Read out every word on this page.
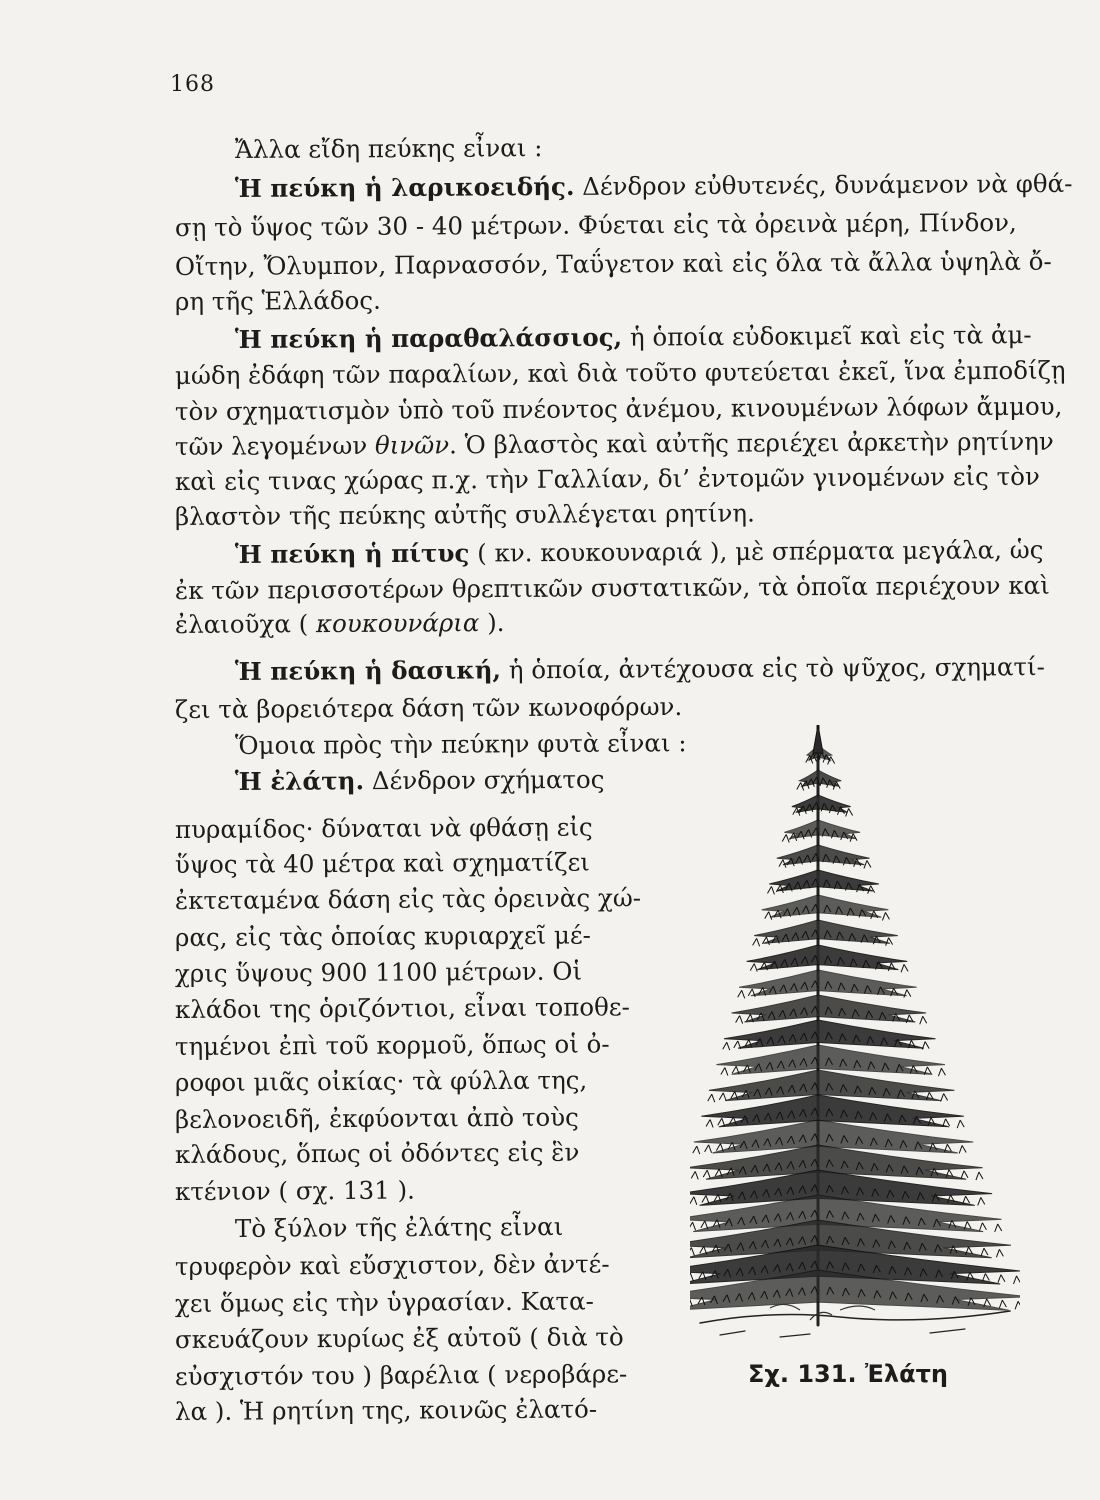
168
Ἄλλα εἴδη πεύκης εἶναι :
Ἡ πεύκη ἡ λαρικοειδής. Δένδρον εὐθυτενές, δυνάμενον νὰ φθά-
σῃ τὸ ὕψος τῶν 30 - 40 μέτρων. Φύεται εἰς τὰ ὀρεινὰ μέρη, Πίνδον,
Οἴτην, Ὄλυμπον, Παρνασσόν, Ταΰγετον καὶ εἰς ὅλα τὰ ἄλλα ὑψηλὰ ὄ-
ρη τῆς Ἑλλάδος.
Ἡ πεύκη ἡ παραθαλάσσιος, ἡ ὁποία εὐδοκιμεῖ καὶ εἰς τὰ ἀμ-
μώδη ἐδάφη τῶν παραλίων, καὶ διὰ τοῦτο φυτεύεται ἐκεῖ, ἵνα ἐμποδίζῃ
τὸν σχηματισμὸν ὑπὸ τοῦ πνέοντος ἀνέμου, κινουμένων λόφων ἄμμου,
τῶν λεγομένων θινῶν. Ὁ βλαστὸς καὶ αὐτῆς περιέχει ἀρκετὴν ρητίνην
καὶ εἰς τινας χώρας π.χ. τὴν Γαλλίαν, δι’ ἐντομῶν γινομένων εἰς τὸν
βλαστὸν τῆς πεύκης αὐτῆς συλλέγεται ρητίνη.
Ἡ πεύκη ἡ πίτυς ( κν. κουκουναριά ), μὲ σπέρματα μεγάλα, ὡς
ἐκ τῶν περισσοτέρων θρεπτικῶν συστατικῶν, τὰ ὁποῖα περιέχουν καὶ
ἐλαιοῦχα ( κουκουνάρια ).
Ἡ πεύκη ἡ δασική, ἡ ὁποία, ἀντέχουσα εἰς τὸ ψῦχος, σχηματί-
ζει τὰ βορειότερα δάση τῶν κωνοφόρων.
Ὅμοια πρὸς τὴν πεύκην φυτὰ εἶναι :
Ἡ ἐλάτη. Δένδρον σχήματος
πυραμίδος· δύναται νὰ φθάσῃ εἰς
ὕψος τὰ 40 μέτρα καὶ σχηματίζει
ἐκτεταμένα δάση εἰς τὰς ὀρεινὰς χώ-
ρας, εἰς τὰς ὁποίας κυριαρχεῖ μέ-
χρις ὕψους 900 1100 μέτρων. Οἱ
κλάδοι της ὁριζόντιοι, εἶναι τοποθε-
τημένοι ἐπὶ τοῦ κορμοῦ, ὅπως οἱ ὀ-
ροφοι μιᾶς οἰκίας· τὰ φύλλα της,
βελονοειδῆ, ἐκφύονται ἀπὸ τοὺς
κλάδους, ὅπως οἱ ὀδόντες εἰς ἓν
κτένιον ( σχ. 131 ).
Τὸ ξύλον τῆς ἐλάτης εἶναι
τρυφερὸν καὶ εὔσχιστον, δὲν ἀντέ-
χει ὅμως εἰς τὴν ὑγρασίαν. Κατα-
σκευάζουν κυρίως ἐξ αὐτοῦ ( διὰ τὸ
εὐσχιστόν του ) βαρέλια ( νεροβάρε-
λα ). Ἡ ρητίνη της, κοινῶς ἐλατό-
Σχ. 131. Ἐλάτη
